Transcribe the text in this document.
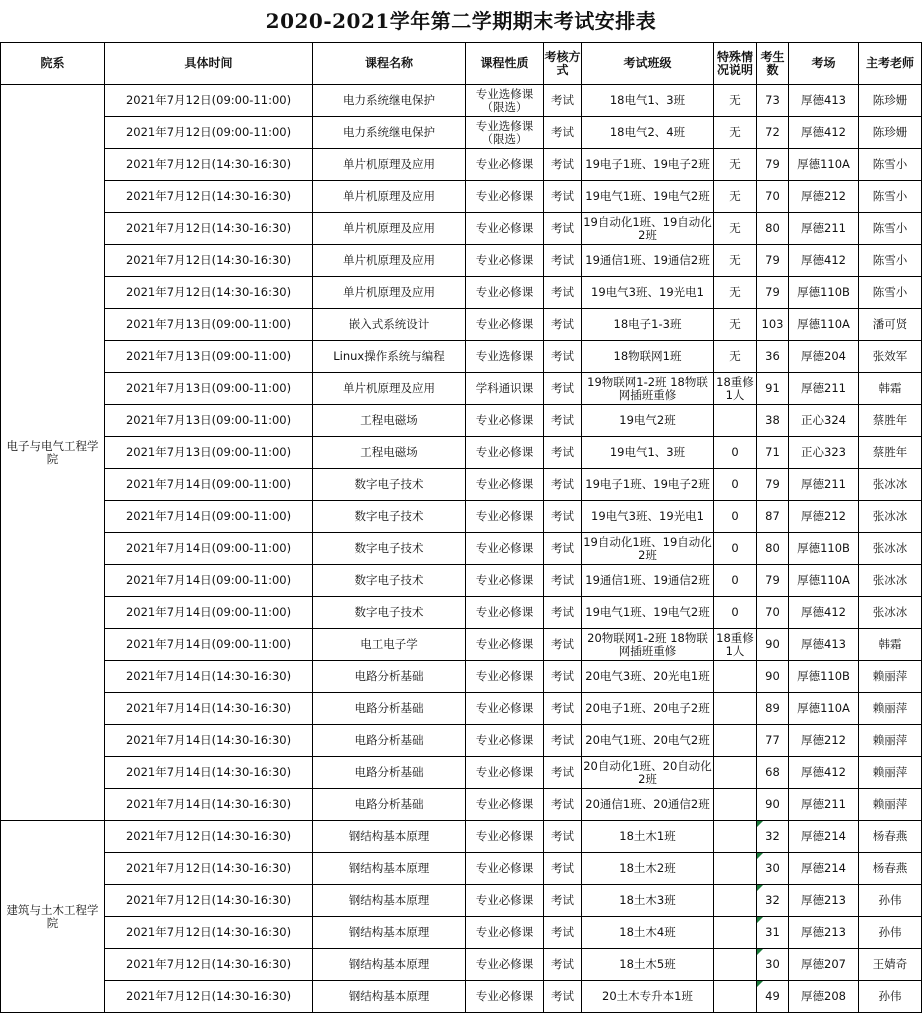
2020-2021学年第二学期期末考试安排表
院系	具体时间	课程名称	课程性质	考核方式	考试班级	特殊情况说明	考生数	考场	主考老师
电子与电气工程学院	2021年7月12日(09:00-11:00)	电力系统继电保护	专业选修课（限选）	考试	18电气1、3班	无	73	厚德413	陈珍姗
	2021年7月12日(09:00-11:00)	电力系统继电保护	专业选修课（限选）	考试	18电气2、4班	无	72	厚德412	陈珍姗
	2021年7月12日(14:30-16:30)	单片机原理及应用	专业必修课	考试	19电子1班、19电子2班	无	79	厚德110A	陈雪小
	2021年7月12日(14:30-16:30)	单片机原理及应用	专业必修课	考试	19电气1班、19电气2班	无	70	厚德212	陈雪小
	2021年7月12日(14:30-16:30)	单片机原理及应用	专业必修课	考试	19自动化1班、19自动化2班	无	80	厚德211	陈雪小
	2021年7月12日(14:30-16:30)	单片机原理及应用	专业必修课	考试	19通信1班、19通信2班	无	79	厚德412	陈雪小
	2021年7月12日(14:30-16:30)	单片机原理及应用	专业必修课	考试	19电气3班、19光电1	无	79	厚德110B	陈雪小
	2021年7月13日(09:00-11:00)	嵌入式系统设计	专业必修课	考试	18电子1-3班	无	103	厚德110A	潘可贤
	2021年7月13日(09:00-11:00)	Linux操作系统与编程	专业选修课	考试	18物联网1班	无	36	厚德204	张效军
	2021年7月13日(09:00-11:00)	单片机原理及应用	学科通识课	考试	19物联网1-2班 18物联网插班重修	18重修1人	91	厚德211	韩霜
	2021年7月13日(09:00-11:00)	工程电磁场	专业必修课	考试	19电气2班		38	正心324	蔡胜年
	2021年7月13日(09:00-11:00)	工程电磁场	专业必修课	考试	19电气1、3班	0	71	正心323	蔡胜年
	2021年7月14日(09:00-11:00)	数字电子技术	专业必修课	考试	19电子1班、19电子2班	0	79	厚德211	张冰冰
	2021年7月14日(09:00-11:00)	数字电子技术	专业必修课	考试	19电气3班、19光电1	0	87	厚德212	张冰冰
	2021年7月14日(09:00-11:00)	数字电子技术	专业必修课	考试	19自动化1班、19自动化2班	0	80	厚德110B	张冰冰
	2021年7月14日(09:00-11:00)	数字电子技术	专业必修课	考试	19通信1班、19通信2班	0	79	厚德110A	张冰冰
	2021年7月14日(09:00-11:00)	数字电子技术	专业必修课	考试	19电气1班、19电气2班	0	70	厚德412	张冰冰
	2021年7月14日(09:00-11:00)	电工电子学	专业必修课	考试	20物联网1-2班 18物联网插班重修	18重修1人	90	厚德413	韩霜
	2021年7月14日(14:30-16:30)	电路分析基础	专业必修课	考试	20电气3班、20光电1班		90	厚德110B	赖丽萍
	2021年7月14日(14:30-16:30)	电路分析基础	专业必修课	考试	20电子1班、20电子2班		89	厚德110A	赖丽萍
	2021年7月14日(14:30-16:30)	电路分析基础	专业必修课	考试	20电气1班、20电气2班		77	厚德212	赖丽萍
	2021年7月14日(14:30-16:30)	电路分析基础	专业必修课	考试	20自动化1班、20自动化2班		68	厚德412	赖丽萍
	2021年7月14日(14:30-16:30)	电路分析基础	专业必修课	考试	20通信1班、20通信2班		90	厚德211	赖丽萍
建筑与土木工程学院	2021年7月12日(14:30-16:30)	钢结构基本原理	专业必修课	考试	18土木1班		32	厚德214	杨春燕
	2021年7月12日(14:30-16:30)	钢结构基本原理	专业必修课	考试	18土木2班		30	厚德214	杨春燕
	2021年7月12日(14:30-16:30)	钢结构基本原理	专业必修课	考试	18土木3班		32	厚德213	孙伟
	2021年7月12日(14:30-16:30)	钢结构基本原理	专业必修课	考试	18土木4班		31	厚德213	孙伟
	2021年7月12日(14:30-16:30)	钢结构基本原理	专业必修课	考试	18土木5班		30	厚德207	王婧奇
	2021年7月12日(14:30-16:30)	钢结构基本原理	专业必修课	考试	20土木专升本1班		49	厚德208	孙伟
